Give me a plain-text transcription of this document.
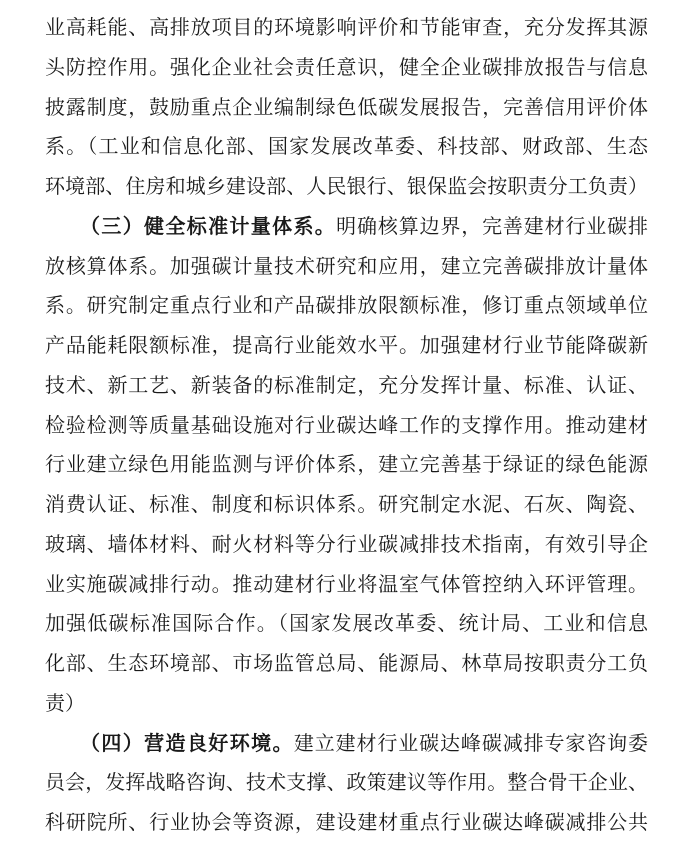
业高耗能、高排放项目的环境影响评价和节能审查，充分发挥其源
头防控作用。强化企业社会责任意识，健全企业碳排放报告与信息
披露制度，鼓励重点企业编制绿色低碳发展报告，完善信用评价体
系。（工业和信息化部、国家发展改革委、科技部、财政部、生态
环境部、住房和城乡建设部、人民银行、银保监会按职责分工负责）
（三）健全标准计量体系。明确核算边界，完善建材行业碳排
放核算体系。加强碳计量技术研究和应用，建立完善碳排放计量体
系。研究制定重点行业和产品碳排放限额标准，修订重点领域单位
产品能耗限额标准，提高行业能效水平。加强建材行业节能降碳新
技术、新工艺、新装备的标准制定，充分发挥计量、标准、认证、
检验检测等质量基础设施对行业碳达峰工作的支撑作用。推动建材
行业建立绿色用能监测与评价体系，建立完善基于绿证的绿色能源
消费认证、标准、制度和标识体系。研究制定水泥、石灰、陶瓷、
玻璃、墙体材料、耐火材料等分行业碳减排技术指南，有效引导企
业实施碳减排行动。推动建材行业将温室气体管控纳入环评管理。
加强低碳标准国际合作。（国家发展改革委、统计局、工业和信息
化部、生态环境部、市场监管总局、能源局、林草局按职责分工负
责）
（四）营造良好环境。建立建材行业碳达峰碳减排专家咨询委
员会，发挥战略咨询、技术支撑、政策建议等作用。整合骨干企业、
科研院所、行业协会等资源，建设建材重点行业碳达峰碳减排公共
